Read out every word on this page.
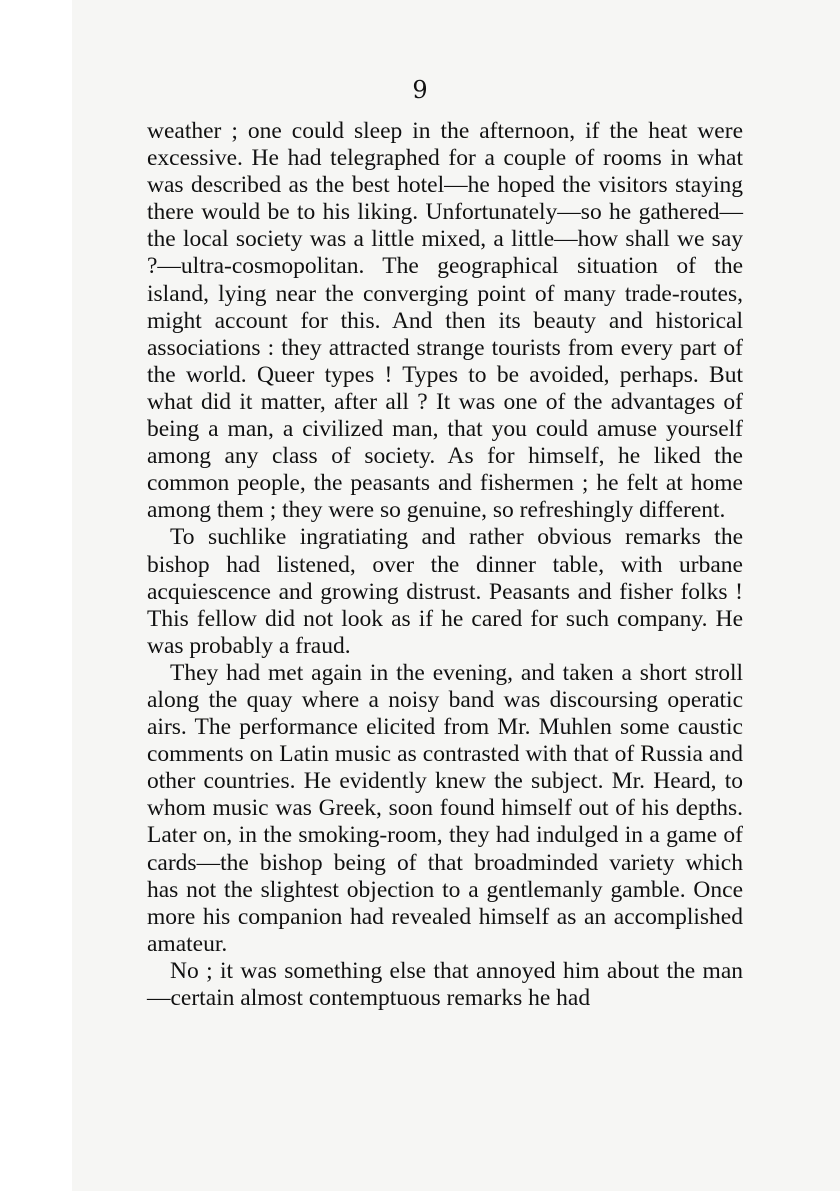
9

weather ; one could sleep in the afternoon, if the heat were excessive. He had telegraphed for a couple of rooms in what was described as the best hotel—he hoped the visitors staying there would be to his liking. Unfortunately—so he gathered—the local society was a little mixed, a little—how shall we say ?—ultra-cosmopolitan. The geographical situation of the island, lying near the converging point of many trade-routes, might account for this. And then its beauty and historical associations : they attracted strange tourists from every part of the world. Queer types ! Types to be avoided, perhaps. But what did it matter, after all ? It was one of the advantages of being a man, a civilized man, that you could amuse yourself among any class of society. As for himself, he liked the common people, the peasants and fishermen ; he felt at home among them ; they were so genuine, so refreshingly different.

To suchlike ingratiating and rather obvious remarks the bishop had listened, over the dinner table, with urbane acquiescence and growing distrust. Peasants and fisher folks ! This fellow did not look as if he cared for such company. He was probably a fraud.

They had met again in the evening, and taken a short stroll along the quay where a noisy band was discoursing operatic airs. The performance elicited from Mr. Muhlen some caustic comments on Latin music as contrasted with that of Russia and other countries. He evidently knew the subject. Mr. Heard, to whom music was Greek, soon found himself out of his depths. Later on, in the smoking-room, they had indulged in a game of cards—the bishop being of that broadminded variety which has not the slightest objection to a gentlemanly gamble. Once more his companion had revealed himself as an accomplished amateur.

No ; it was something else that annoyed him about the man—certain almost contemptuous remarks he had
